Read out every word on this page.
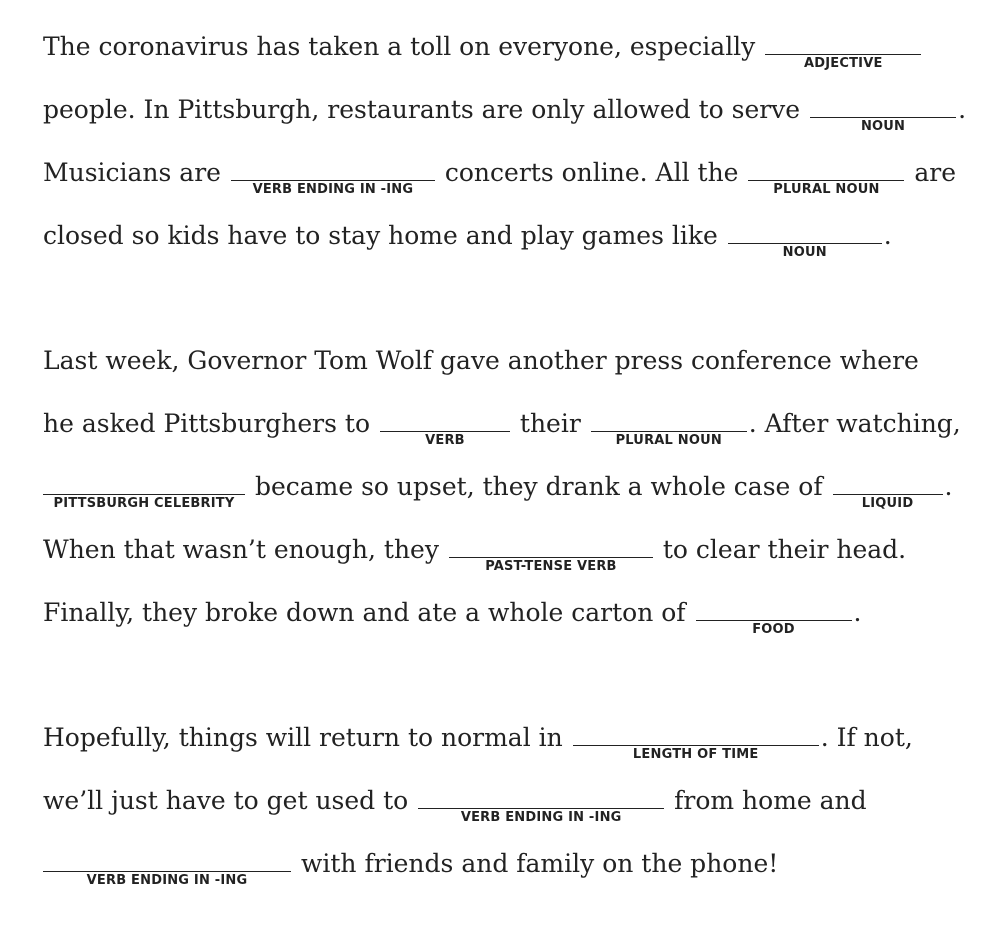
The coronavirus has taken a toll on everyone, especially
ADJECTIVE
people. In Pittsburgh, restaurants are only allowed to serve
NOUN
.
Musicians are
VERB ENDING IN -ING
concerts online. All the
PLURAL NOUN
are
closed so kids have to stay home and play games like
NOUN
.
Last week, Governor Tom Wolf gave another press conference where
he asked Pittsburghers to
VERB
their
PLURAL NOUN
. After watching,
PITTSBURGH CELEBRITY
became so upset, they drank a whole case of
LIQUID
.
When that wasn’t enough, they
PAST-TENSE VERB
to clear their head.
Finally, they broke down and ate a whole carton of
FOOD
.
Hopefully, things will return to normal in
LENGTH OF TIME
. If not,
we’ll just have to get used to
VERB ENDING IN -ING
from home and
VERB ENDING IN -ING
with friends and family on the phone!
